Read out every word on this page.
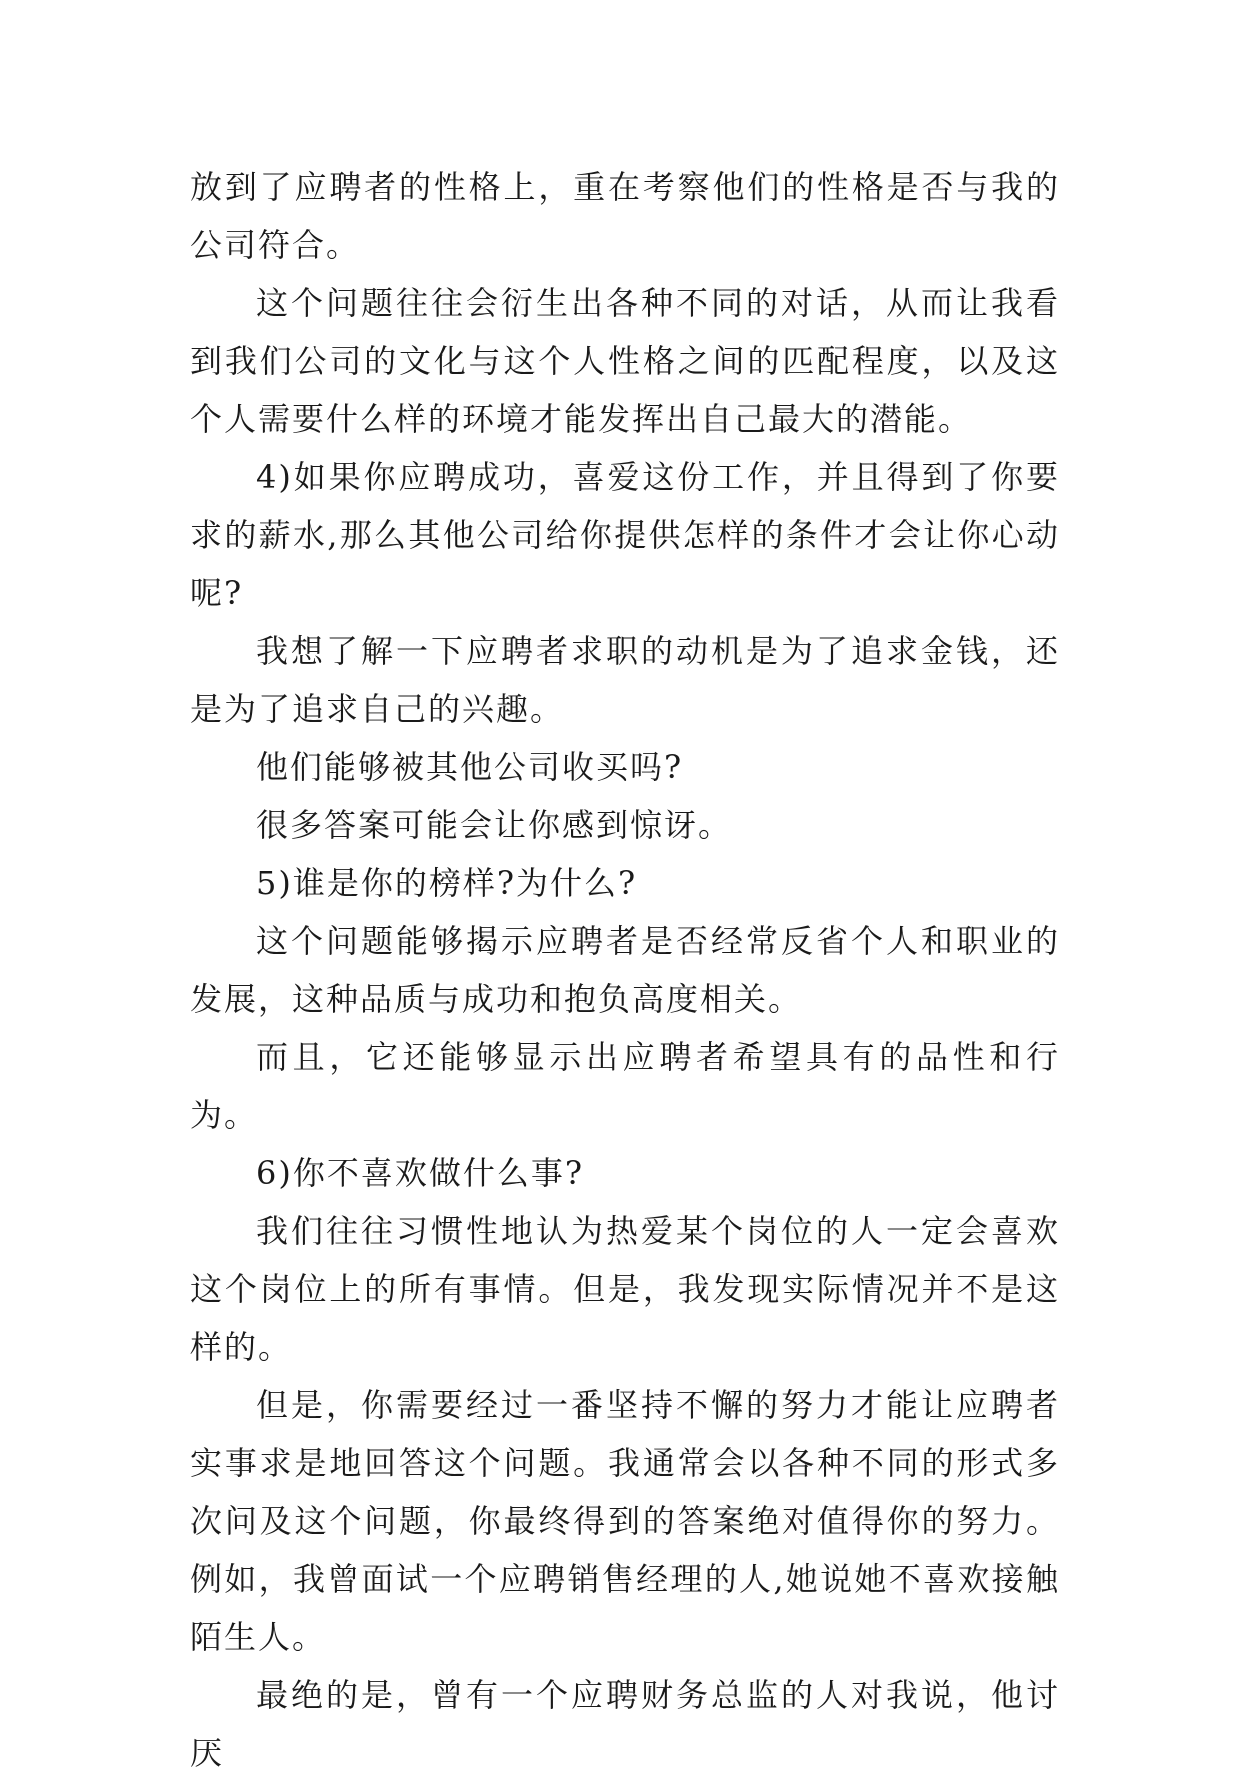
放到了应聘者的性格上，重在考察他们的性格是否与我的公司符合。

这个问题往往会衍生出各种不同的对话，从而让我看到我们公司的文化与这个人性格之间的匹配程度，以及这个人需要什么样的环境才能发挥出自己最大的潜能。

4)如果你应聘成功，喜爱这份工作，并且得到了你要求的薪水,那么其他公司给你提供怎样的条件才会让你心动呢?

我想了解一下应聘者求职的动机是为了追求金钱，还是为了追求自己的兴趣。

他们能够被其他公司收买吗?

很多答案可能会让你感到惊讶。

5)谁是你的榜样?为什么?

这个问题能够揭示应聘者是否经常反省个人和职业的发展，这种品质与成功和抱负高度相关。

而且，它还能够显示出应聘者希望具有的品性和行为。

6)你不喜欢做什么事?

我们往往习惯性地认为热爱某个岗位的人一定会喜欢这个岗位上的所有事情。但是，我发现实际情况并不是这样的。

但是，你需要经过一番坚持不懈的努力才能让应聘者实事求是地回答这个问题。我通常会以各种不同的形式多次问及这个问题，你最终得到的答案绝对值得你的努力。例如，我曾面试一个应聘销售经理的人,她说她不喜欢接触陌生人。

最绝的是，曾有一个应聘财务总监的人对我说，他讨厌
